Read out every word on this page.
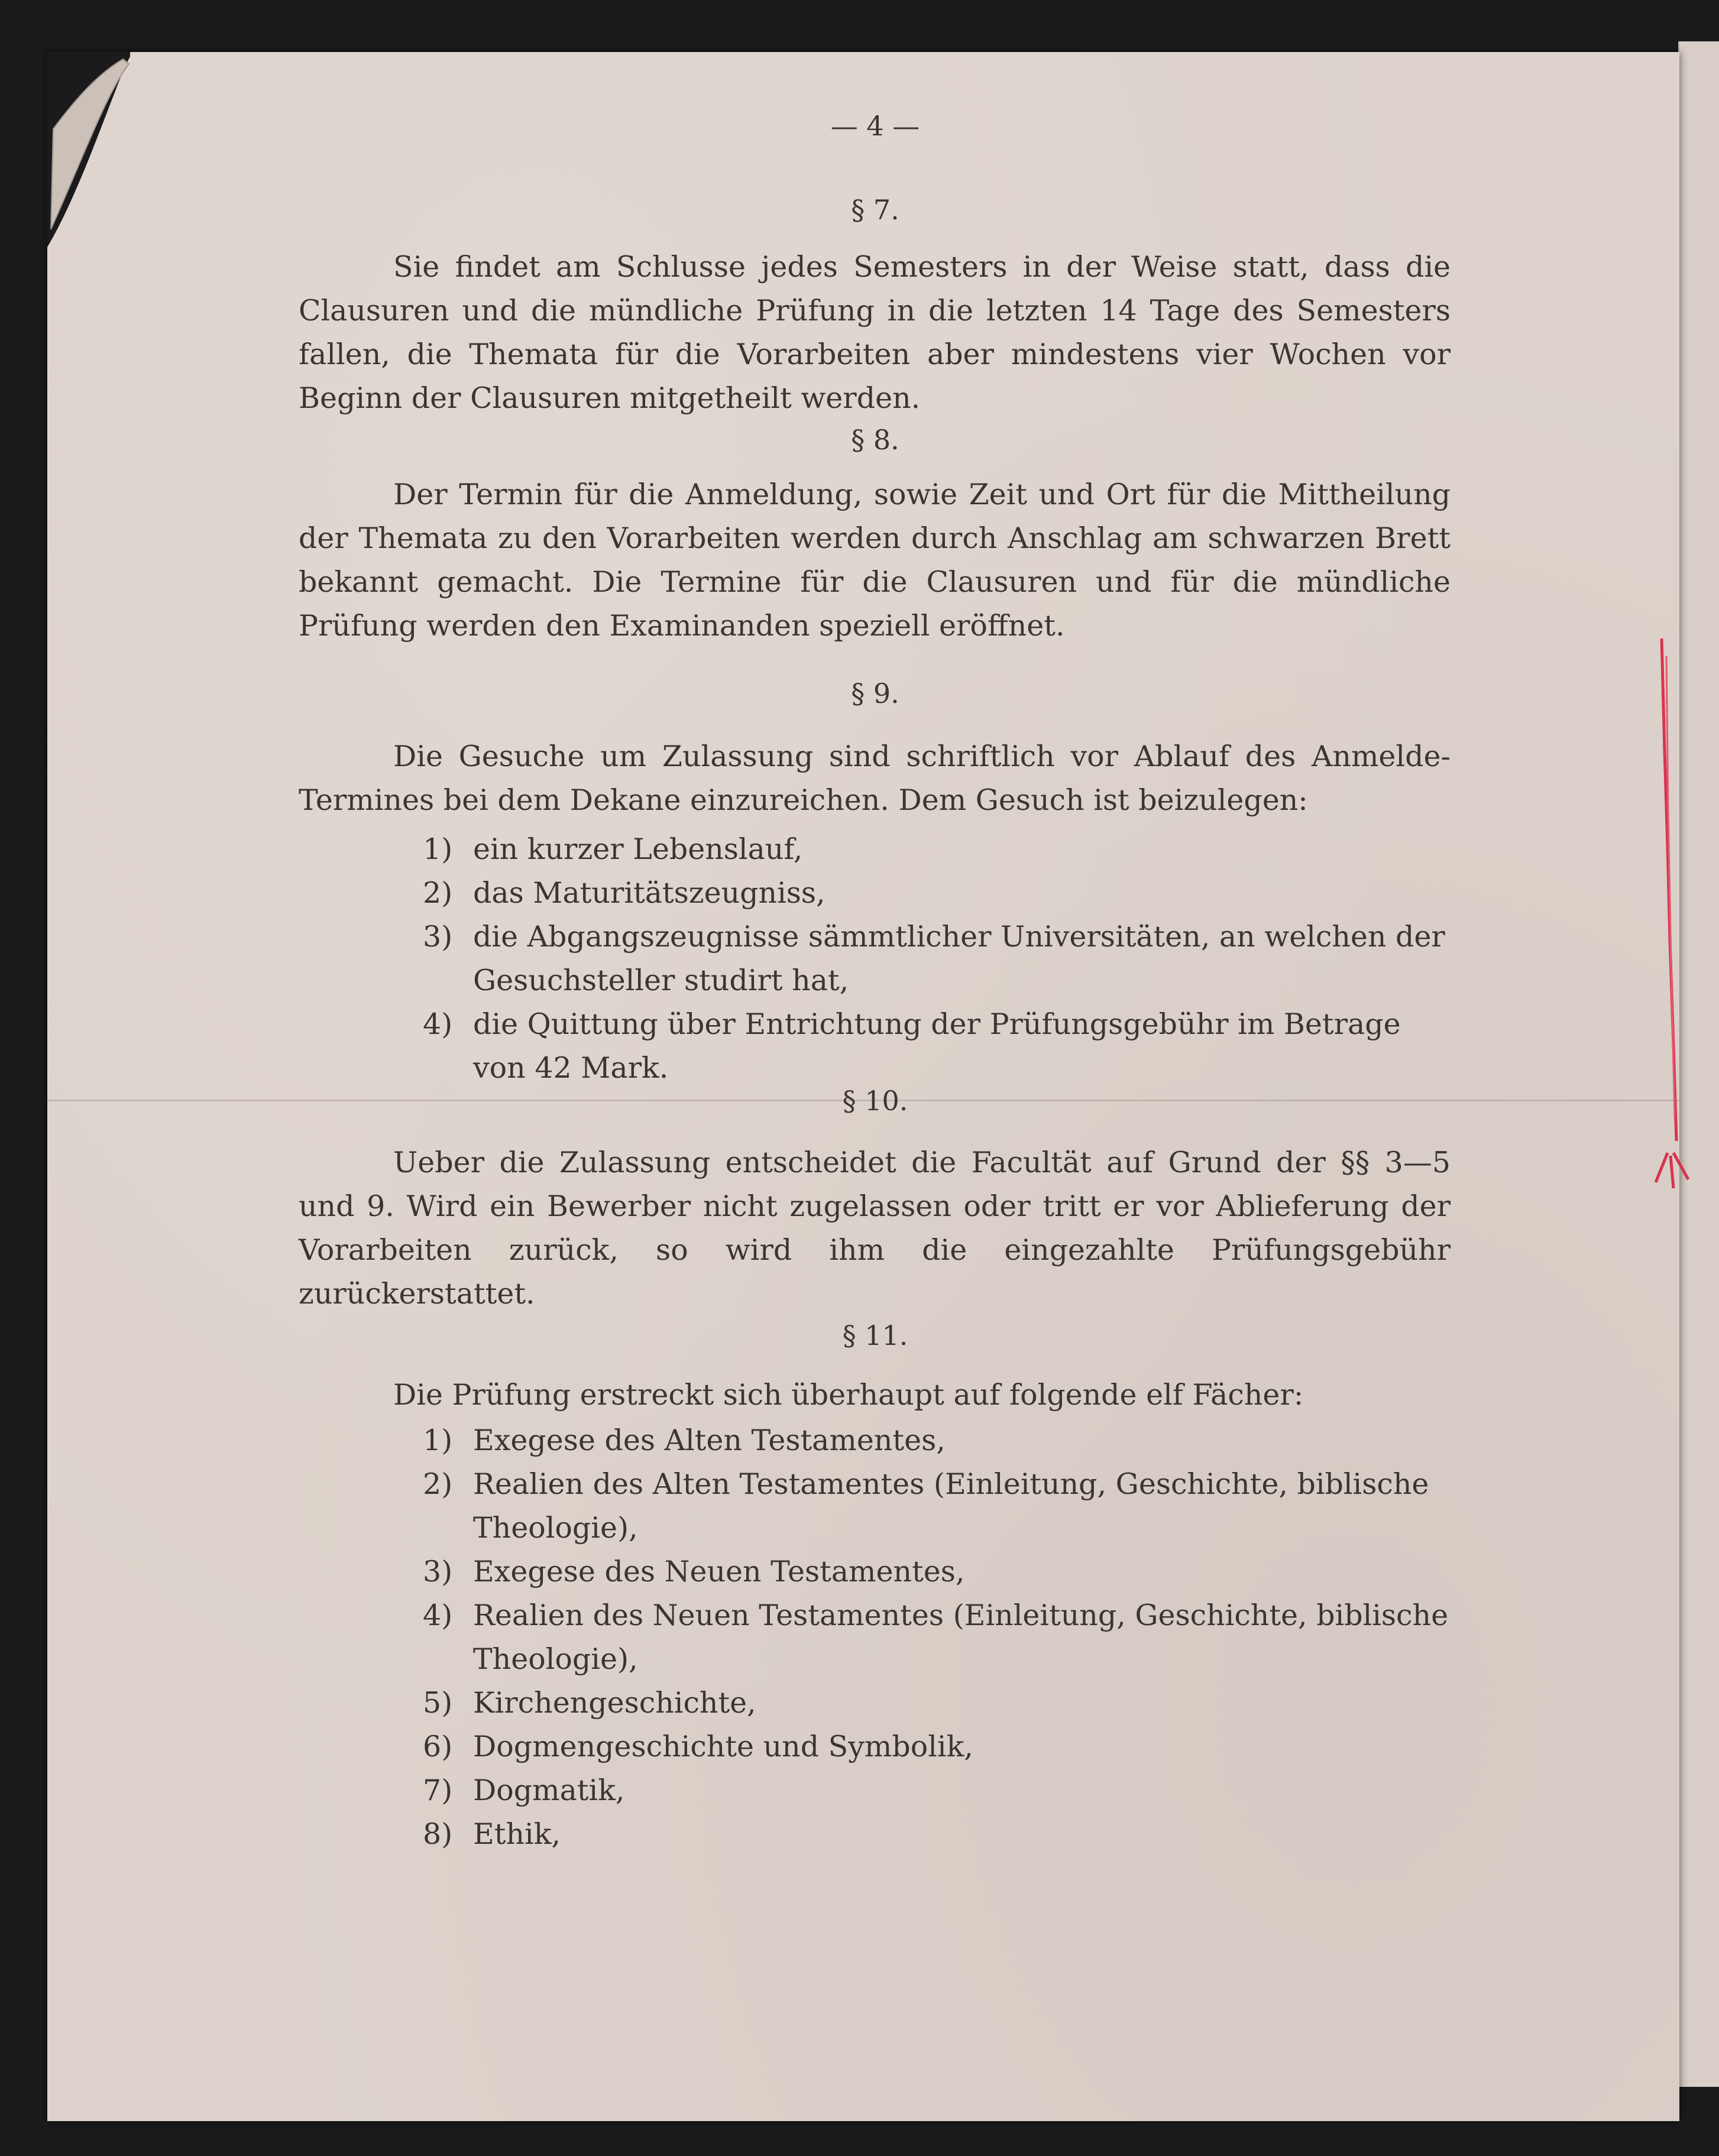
— 4 —
§ 7.
Sie findet am Schlusse jedes Semesters in der Weise statt, dass die Clausuren und die mündliche Prüfung in die letzten 14 Tage des Semesters fallen, die Themata für die Vorarbeiten aber mindestens vier Wochen vor Beginn der Clausuren mitgetheilt werden.
§ 8.
Der Termin für die Anmeldung, sowie Zeit und Ort für die Mittheilung der Themata zu den Vorarbeiten werden durch Anschlag am schwarzen Brett bekannt gemacht. Die Termine für die Clausuren und für die mündliche Prüfung werden den Examinanden speziell eröffnet.
§ 9.
Die Gesuche um Zulassung sind schriftlich vor Ablauf des Anmelde-Termines bei dem Dekane einzureichen. Dem Gesuch ist beizulegen:
1) ein kurzer Lebenslauf,
2) das Maturitätszeugniss,
3) die Abgangszeugnisse sämmtlicher Universitäten, an welchen der Gesuchsteller studirt hat,
4) die Quittung über Entrichtung der Prüfungsgebühr im Betrage von 42 Mark.
§ 10.
Ueber die Zulassung entscheidet die Facultät auf Grund der §§ 3—5 und 9. Wird ein Bewerber nicht zugelassen oder tritt er vor Ablieferung der Vorarbeiten zurück, so wird ihm die eingezahlte Prüfungsgebühr zurückerstattet.
§ 11.
Die Prüfung erstreckt sich überhaupt auf folgende elf Fächer:
1) Exegese des Alten Testamentes,
2) Realien des Alten Testamentes (Einleitung, Geschichte, biblische Theologie),
3) Exegese des Neuen Testamentes,
4) Realien des Neuen Testamentes (Einleitung, Geschichte, biblische Theologie),
5) Kirchengeschichte,
6) Dogmengeschichte und Symbolik,
7) Dogmatik,
8) Ethik,
